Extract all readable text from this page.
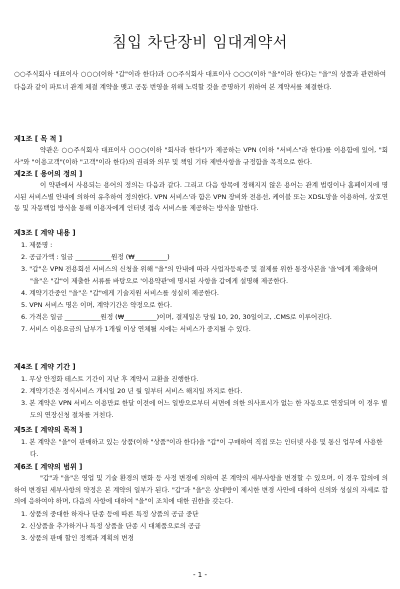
침입 차단장비 임대계약서
○○주식회사 대표이사 ○○○(이하 "갑"이라 한다)과 ○○주식회사 대표이사 ○○○(이하 "을"이라 한다)는 "을"의 상품과 관련하여 다음과 같이 파트너 관계 체결 계약을 맺고 공동 번영을 위해 노력할 것을 증명하기 위하여 본 계약서를 체결한다.
제1조 [ 목 적 ]
약관은 ○○주식회사 대표이사 ○○○(이하 "회사라 한다")가 제공하는 VPN (이하 "서비스"라 한다)를 이용함에 있어, "회사"와 "이용고객"(이하 "고객"이라 한다)의 권리와 의무 및 책임 기타 제반사항을 규정함을 목적으로 한다.
제2조 [ 용어의 정의 ]
이 약관에서 사용되는 용어의 정의는 다음과 같다. 그리고 다음 항목에 정해지지 않은 용어는 관계 법령이나 홈페이지에 명시된 서비스별 안내에 의하여 유추하여 정의한다. VPN 서비스'라 함은 VPN 장비와 전용선, 케이블 또는 XDSL망을 이용하여, 상호연동 및 자동백업 방식을 통해 이용자에게 인터넷 접속 서비스를 제공하는 방식을 말한다.
제3조 [ 계약 내용 ]
1. 제품명 :
2. 공급가액 : 일금 ___________원정 (₩__________)
3. "갑"은 VPN 전용회선 서비스의 신청을 위해 "을"의 안내에 따라 사업자등록증 및 결제를 위한 통장사본을 '을'에게 제출하며 "을"은 "갑"이 제출한 서류를 바탕으로 '이용약관'에 명시된 사항을 갑에게 설명해 제공한다.
4. 계약기간중인 "을"은 "갑"에게 기술지원 서비스를 성실히 제공한다.
5. VPN 서비스 명은 이며, 계약기간은 약정으로 한다.
6. 가격은 일금 ___________원정 (₩__________)이며, 결제일은 당월 10, 20, 30일이고, .CMS로 이루어진다.
7. 서비스 이용요금의 납부가 1개월 이상 연체될 시에는 서비스가 중지될 수 있다.
제4조 [ 계약 기간 ]
1. 무상 안정화 테스트 기간이 지난 후 계약서 교환을 진행한다.
2. 계약기간은 정식서비스 개시일 20 년 월 일부터 서비스 해지일 까지로 한다.
3. 본 계약은 VPN 서비스 이용만료 한달 이전에 어느 일방으로부터 서면에 의한 의사표시가 없는 한 자동으로 연장되며 이 경우 별도의 연장신청 절차를 거친다.
제5조 [ 계약의 목적 ]
1. 본 계약은 "을"이 판매하고 있는 상품(이하 "상품"이라 한다)을 "갑"이 구매하여 직접 또는 인터넷 사용 및 통신 업무에 사용한다.
제6조 [ 계약의 범위 ]
"갑"과 "을"은 영업 및 기술 환경의 변화 등 사정 변경에 의하여 본 계약의 세부사항을 변경할 수 있으며, 이 경우 합의에 의하여 변경된 세부사항의 약정은 본 계약의 일부가 된다. "갑"과 "을"은 상대방이 제시한 변경 사안에 대하여 신의와 성실의 자세로 합의에 응하여야 하며, 다음의 사항에 대하여 "을"이 조치에 대한 권한을 갖는다.
1. 상품의 중대한 하자나 단종 등에 따른 특정 상품의 공급 중단
2. 신상품을 추가하거나 특정 상품을 단종 시 대체품으로의 공급
3. 상품의 판매 할인 정책과 계획의 변경
- 1 -
